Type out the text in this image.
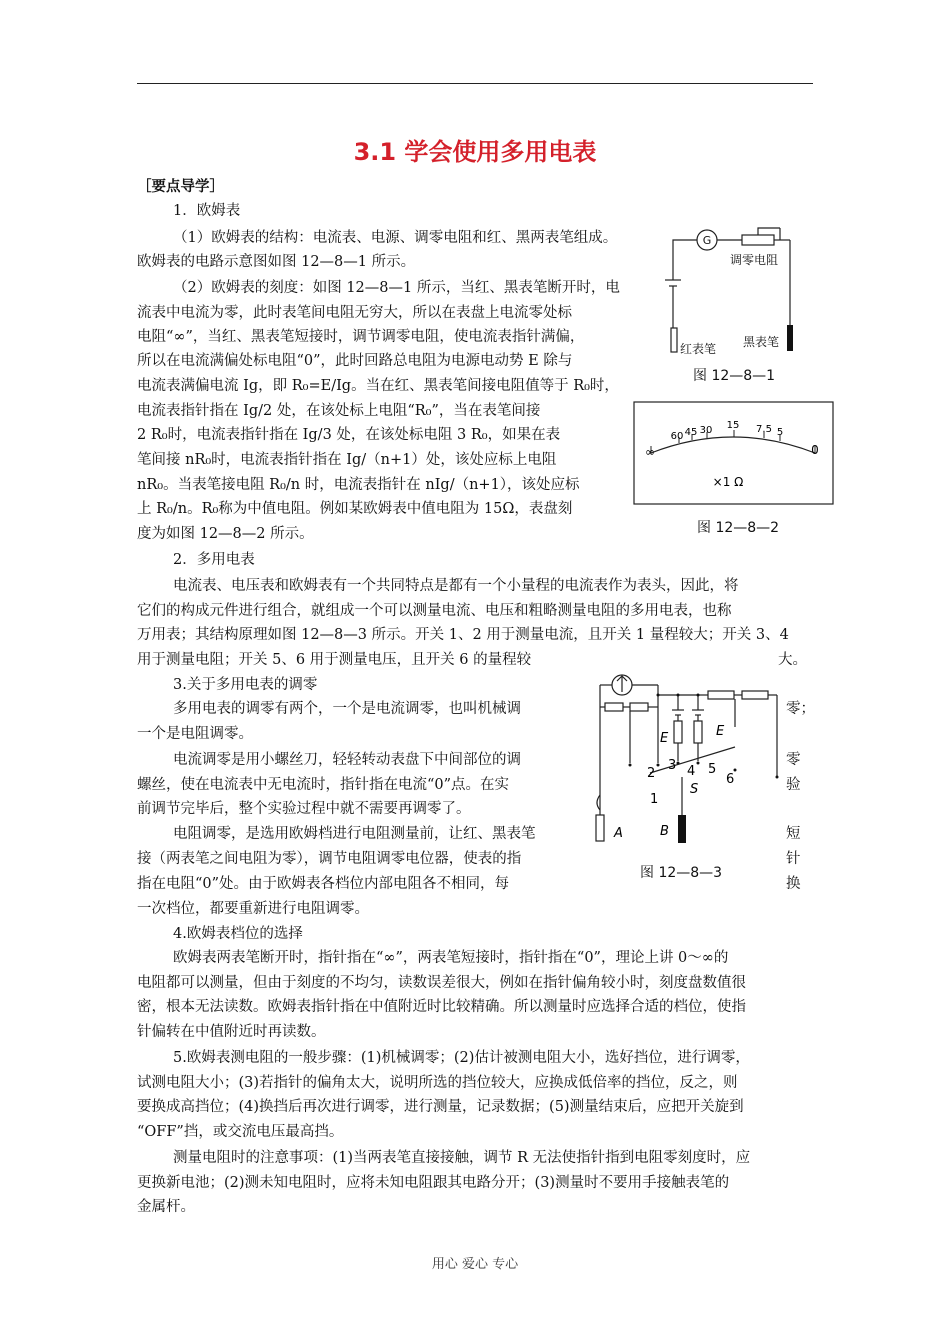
3.1 学会使用多用电表
［要点导学］
1．欧姆表
（1）欧姆表的结构：电流表、电源、调零电阻和红、黑两表笔组成。
欧姆表的电路示意图如图 12—8—1 所示。
（2）欧姆表的刻度：如图 12—8—1 所示，当红、黑表笔断开时，电
流表中电流为零，此时表笔间电阻无穷大，所以在表盘上电流零处标
电阻“∞”，当红、黑表笔短接时，调节调零电阻，使电流表指针满偏，
所以在电流满偏处标电阻“0”，此时回路总电阻为电源电动势 E 除与
电流表满偏电流 Ig，即 R₀=E/Ig。当在红、黑表笔间接电阻值等于 R₀时，
电流表指针指在 Ig/2 处，在该处标上电阻“R₀”，当在表笔间接
2 R₀时，电流表指针指在 Ig/3 处，在该处标电阻 3 R₀，如果在表
笔间接 nR₀时，电流表指针指在 Ig/（n+1）处，该处应标上电阻
nR₀。当表笔接电阻 R₀/n 时，电流表指针在 nIg/（n+1），该处应标
上 R₀/n。R₀称为中值电阻。例如某欧姆表中值电阻为 15Ω，表盘刻
度为如图 12—8—2 所示。
G
调零电阻
红表笔 黑表笔
图 12—8—1
∞
60 45 30 15 7.5 5
0
×1 Ω
图 12—8—2
2．多用电表
电流表、电压表和欧姆表有一个共同特点是都有一个小量程的电流表作为表头，因此，将
它们的构成元件进行组合，就组成一个可以测量电流、电压和粗略测量电阻的多用电表，也称
万用表；其结构原理如图 12—8—3 所示。开关 1、2 用于测量电流，且开关 1 量程较大；开关 3、4
用于测量电阻；开关 5、6 用于测量电压，且开关 6 的量程较	大。
3.关于多用电表的调零
多用电表的调零有两个，一个是电流调零，也叫机械调
一个是电阻调零。
电流调零是用小螺丝刀，轻轻转动表盘下中间部位的调
螺丝，使在电流表中无电流时，指针指在电流“0”点。在实
前调节完毕后，整个实验过程中就不需要再调零了。
电阻调零，是选用欧姆档进行电阻测量前，让红、黑表笔
接（两表笔之间电阻为零），调节电阻调零电位器，使表的指
指在电阻“0”处。由于欧姆表各档位内部电阻各不相同，每
一次档位，都要重新进行电阻调零。
零；
零
验
短
针
换
E	E
2
3 4 5
6
1
S
A	B
图 12—8—3
4.欧姆表档位的选择
欧姆表两表笔断开时，指针指在“∞”，两表笔短接时，指针指在“0”，理论上讲 0～∞的
电阻都可以测量，但由于刻度的不均匀，读数误差很大，例如在指针偏角较小时，刻度盘数值很
密，根本无法读数。欧姆表指针指在中值附近时比较精确。所以测量时应选择合适的档位，使指
针偏转在中值附近时再读数。
5.欧姆表测电阻的一般步骤：(1)机械调零；(2)估计被测电阻大小，选好挡位，进行调零，
试测电阻大小；(3)若指针的偏角太大，说明所选的挡位较大，应换成低倍率的挡位，反之，则
要换成高挡位；(4)换挡后再次进行调零，进行测量，记录数据；(5)测量结束后，应把开关旋到
“OFF”挡，或交流电压最高挡。
测量电阻时的注意事项：(1)当两表笔直接接触，调节 R 无法使指针指到电阻零刻度时，应
更换新电池；(2)测未知电阻时，应将未知电阻跟其电路分开；(3)测量时不要用手接触表笔的
金属杆。
用心 爱心 专心
